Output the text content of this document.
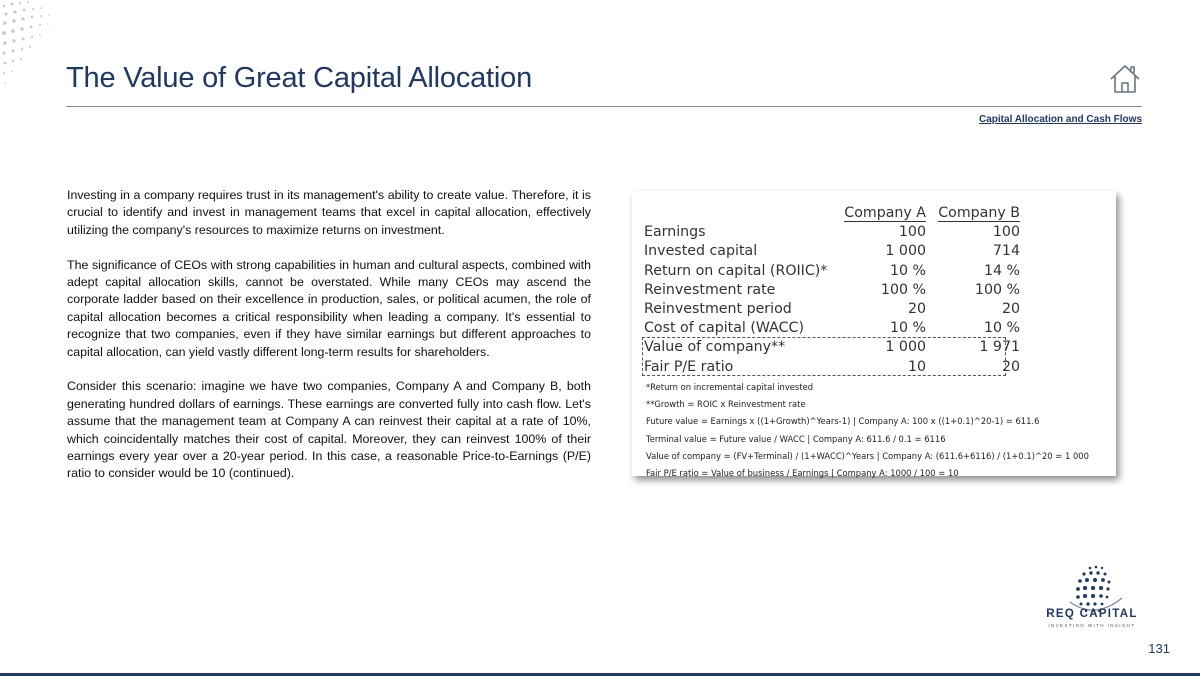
The Value of Great Capital Allocation
Capital Allocation and Cash Flows

Investing in a company requires trust in its management's ability to create value. Therefore, it is crucial to identify and invest in management teams that excel in capital allocation, effectively utilizing the company's resources to maximize returns on investment.

The significance of CEOs with strong capabilities in human and cultural aspects, combined with adept capital allocation skills, cannot be overstated. While many CEOs may ascend the corporate ladder based on their excellence in production, sales, or political acumen, the role of capital allocation becomes a critical responsibility when leading a company. It's essential to recognize that two companies, even if they have similar earnings but different approaches to capital allocation, can yield vastly different long-term results for shareholders.

Consider this scenario: imagine we have two companies, Company A and Company B, both generating hundred dollars of earnings. These earnings are converted fully into cash flow. Let's assume that the management team at Company A can reinvest their capital at a rate of 10%, which coincidentally matches their cost of capital. Moreover, they can reinvest 100% of their earnings every year over a 20-year period. In this case, a reasonable Price-to-Earnings (P/E) ratio to consider would be 10 (continued).

	Company A	Company B
Earnings	100	100
Invested capital	1 000	714
Return on capital (ROIIC)*	10 %	14 %
Reinvestment rate	100 %	100 %
Reinvestment period	20	20
Cost of capital (WACC)	10 %	10 %
Value of company**	1 000	1 971
Fair P/E ratio	10	20
*Return on incremental capital invested
**Growth = ROIC x Reinvestment rate
Future value = Earnings x ((1+Growth)^Years-1) | Company A: 100 x ((1+0.1)^20-1) = 611.6
Terminal value = Future value / WACC | Company A: 611.6 / 0.1 = 6116
Value of company = (FV+Terminal) / (1+WACC)^Years | Company A: (611.6+6116) / (1+0.1)^20 = 1 000
Fair P/E ratio = Value of business / Earnings | Company A: 1000 / 100 = 10
REQ CAPITAL
INVESTING WITH INSIGHT
131
